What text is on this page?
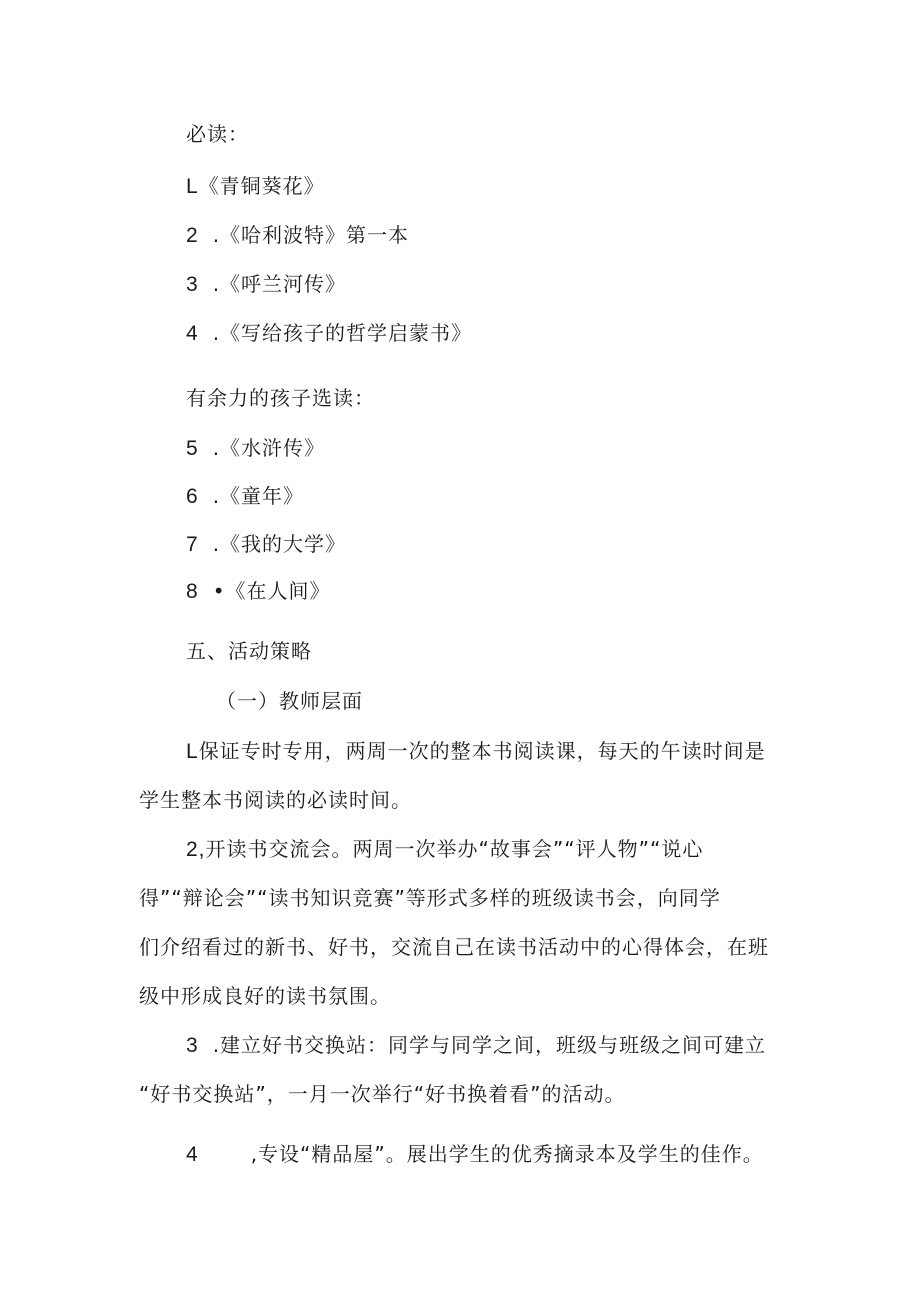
必读：
L《青铜葵花》
2 .《哈利波特》第一本
3 .《呼兰河传》
4 .《写给孩子的哲学启蒙书》
有余力的孩子选读：
5 .《水浒传》
6 .《童年》
7 .《我的大学》
8 •《在人间》
五、活动策略
（一）教师层面
L保证专时专用，两周一次的整本书阅读课，每天的午读时间是
学生整本书阅读的必读时间。
2,开读书交流会。两周一次举办“故事会”“评人物”“说心
得”“辩论会”“读书知识竞赛”等形式多样的班级读书会，向同学
们介绍看过的新书、好书，交流自己在读书活动中的心得体会，在班
级中形成良好的读书氛围。
3 .建立好书交换站：同学与同学之间，班级与班级之间可建立
“好书交换站”，一月一次举行“好书换着看”的活动。
4	,专设“精品屋”。展出学生的优秀摘录本及学生的佳作。
